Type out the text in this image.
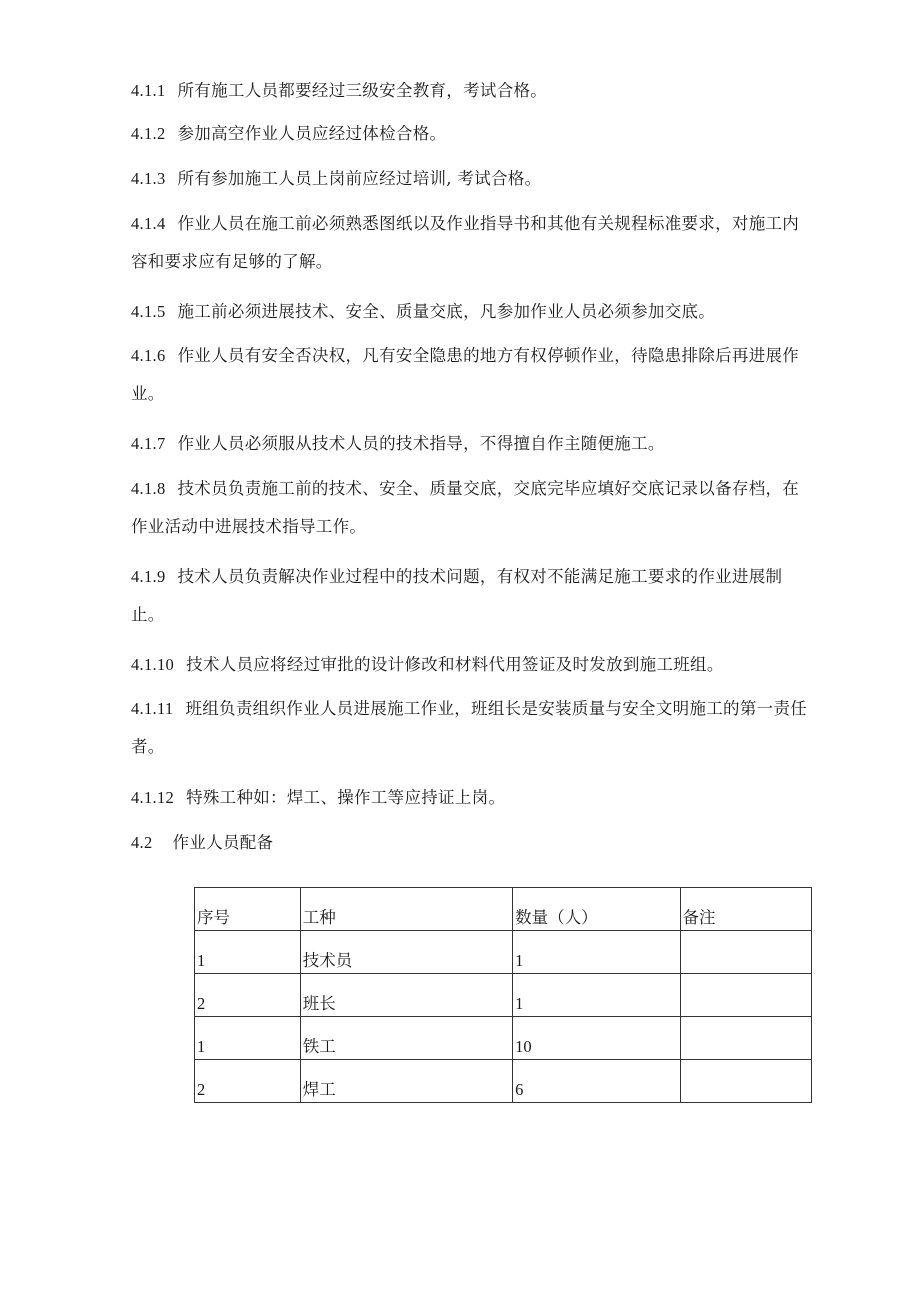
4.1.1 所有施工人员都要经过三级安全教育，考试合格。
4.1.2 参加高空作业人员应经过体检合格。
4.1.3 所有参加施工人员上岗前应经过培训, 考试合格。
4.1.4 作业人员在施工前必须熟悉图纸以及作业指导书和其他有关规程标准要求，对施工内
容和要求应有足够的了解。
4.1.5 施工前必须进展技术、安全、质量交底，凡参加作业人员必须参加交底。
4.1.6 作业人员有安全否决权，凡有安全隐患的地方有权停顿作业，待隐患排除后再进展作
业。
4.1.7 作业人员必须服从技术人员的技术指导，不得擅自作主随便施工。
4.1.8 技术员负责施工前的技术、安全、质量交底，交底完毕应填好交底记录以备存档，在
作业活动中进展技术指导工作。
4.1.9 技术人员负责解决作业过程中的技术问题，有权对不能满足施工要求的作业进展制
止。
4.1.10 技术人员应将经过审批的设计修改和材料代用签证及时发放到施工班组。
4.1.11 班组负责组织作业人员进展施工作业，班组长是安装质量与安全文明施工的第一责任
者。
4.1.12 特殊工种如：焊工、操作工等应持证上岗。
4.2 作业人员配备
序号	工种	数量（人）	备注
1	技术员	1	
2	班长	1	
1	铁工	10	
2	焊工	6	
